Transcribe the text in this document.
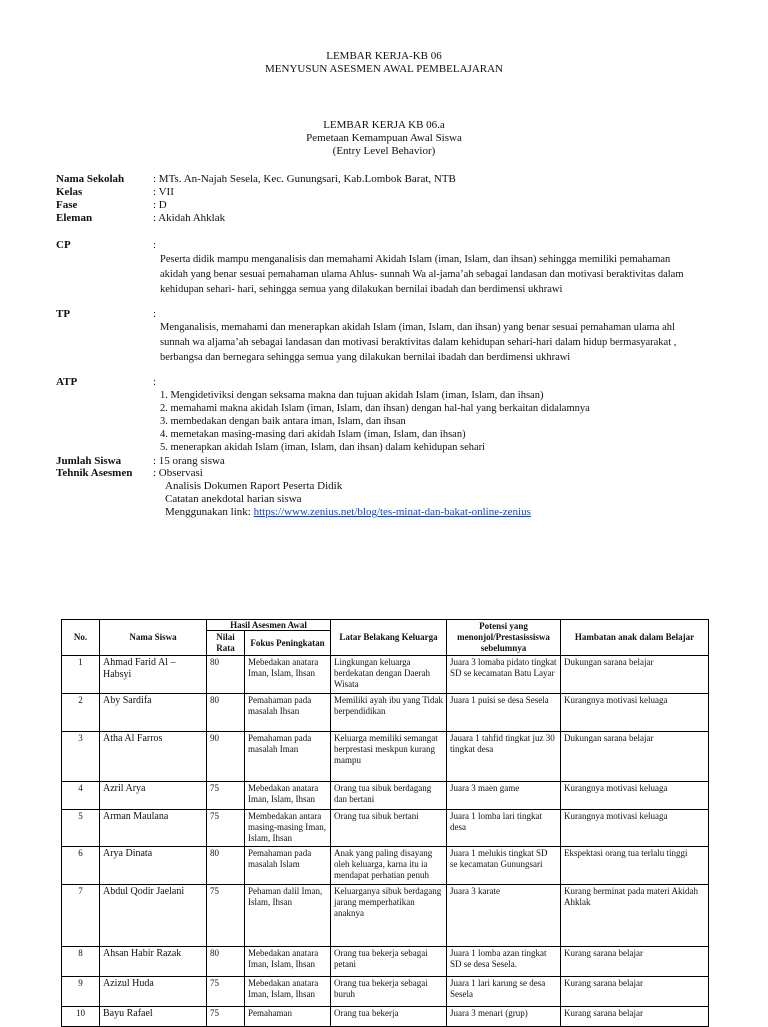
LEMBAR KERJA-KB 06
MENYUSUN ASESMEN AWAL PEMBELAJARAN
LEMBAR KERJA KB 06.a
Pemetaan Kemampuan Awal Siswa
(Entry Level Behavior)
Nama Sekolah	: MTs. An-Najah Sesela, Kec. Gunungsari, Kab.Lombok Barat, NTB
Kelas	: VII
Fase	: D
Eleman	: Akidah Ahklak
CP	:
Peserta didik mampu menganalisis dan memahami Akidah Islam (iman, Islam, dan ihsan) sehingga memiliki pemahaman akidah yang benar sesuai pemahaman ulama Ahlus- sunnah Wa al-jama’ah sebagai landasan dan motivasi beraktivitas dalam kehidupan sehari- hari, sehingga semua yang dilakukan bernilai ibadah dan berdimensi ukhrawi
TP	:
Menganalisis, memahami dan menerapkan akidah Islam (iman, Islam, dan ihsan) yang benar sesuai pemahaman ulama ahl sunnah wa aljama’ah sebagai landasan dan motivasi beraktivitas dalam kehidupan sehari-hari dalam hidup bermasyarakat , berbangsa dan bernegara sehingga semua yang dilakukan bernilai ibadah dan berdimensi ukhrawi
ATP	:
1. Mengidetiviksi dengan seksama makna dan tujuan akidah Islam (iman, Islam, dan ihsan)
2. memahami makna akidah Islam (iman, Islam, dan ihsan) dengan hal-hal yang berkaitan didalamnya
3. membedakan dengan baik antara iman, Islam, dan ihsan
4. memetakan masing-masing dari akidah Islam (iman, Islam, dan ihsan)
5. menerapkan akidah Islam (iman, Islam, dan ihsan) dalam kehidupan sehari
Jumlah Siswa	: 15 orang siswa
Tehnik Asesmen : Observasi
Analisis Dokumen Raport Peserta Didik
Catatan anekdotal harian siswa
Menggunakan link: https://www.zenius.net/blog/tes-minat-dan-bakat-online-zenius
No.	Nama Siswa	Hasil Asesmen Awal		Latar Belakang Keluarga	Potensi yang menonjol/Prestasissiswa sebelumnya	Hambatan anak dalam Belajar
		Nilai Rata	Fokus Peningkatan			
1	Ahmad Farid Al – Habsyi	80	Mebedakan anatara Iman, Islam, Ihsan	Lingkungan keluarga berdekatan dengan Daerah Wisata	Juara 3 lomaba pidato tingkat SD se kecamatan Batu Layar	Dukungan sarana belajar
2	Aby Sardifa	80	Pemahaman pada masalah Ihsan	Memiliki ayah ibu yang Tidak berpendidikan	Juara 1 puisi se desa Sesela	Kurangnya motivasi keluaga
3	Atha Al Farros	90	Pemahaman pada masalah Iman	Keluarga memiliki semangat berprestasi meskpun kurang mampu	Jauara 1 tahfid tingkat juz 30 tingkat desa	Dukungan sarana belajar
4	Azril Arya	75	Mebedakan anatara Iman, Islam, Ihsan	Orang tua sibuk berdagang dan bertani	Juara 3 maen game	Kurangnya motivasi keluaga
5	Arman Maulana	75	Membedakan antara masing-masing Iman, Islam, Ihsan	Orang tua sibuk bertani	Juara 1 lomba lari tingkat desa	Kurangnya motivasi keluaga
6	Arya Dinata	80	Pemahaman pada masalah Islam	Anak yang paling disayang oleh keluarga, karna itu ia mendapat perhatian penuh	Juara 1 melukis tingkat SD se kecamatan Gunungsari	Ekspektasi orang tua terlalu tinggi
7	Abdul Qodir Jaelani	75	Pehaman dalil Iman, Islam, Ihsan	Keluarganya sibuk berdagang jarang memperhatikan anaknya	Juara 3 karate	Kurang berminat pada materi Akidah Ahklak
8	Ahsan Habir Razak	80	Mebedakan anatara Iman, Islam, Ihsan	Orang tua bekerja sebagai petani	Juara 1 lomba azan tingkat SD se desa Sesela.	Kurang sarana belajar
9	Azizul Huda	75	Mebedakan anatara Iman, Islam, Ihsan	Orang tua bekerja sebagai buruh	Juara 1 lari karung se desa Sesela	Kurang sarana belajar
10	Bayu Rafael	75	Pemahaman	Orang tua bekerja	Juara 3 menari (grup)	Kurang sarana belajar
